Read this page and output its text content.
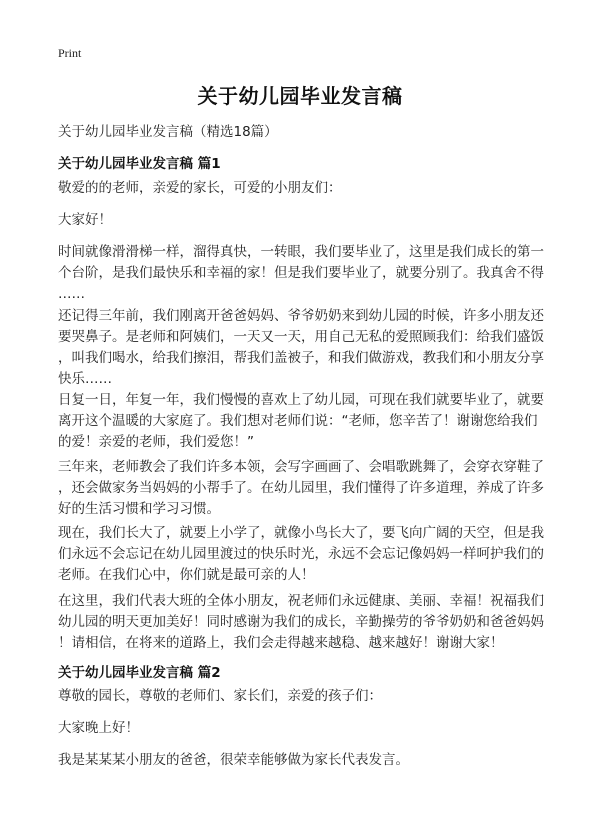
Print
关于幼儿园毕业发言稿
关于幼儿园毕业发言稿（精选18篇）
关于幼儿园毕业发言稿 篇1
敬爱的的老师，亲爱的家长，可爱的小朋友们：
大家好！
时间就像滑滑梯一样，溜得真快，一转眼，我们要毕业了，这里是我们成长的第一
个台阶，是我们最快乐和幸福的家！但是我们要毕业了，就要分别了。我真舍不得
……
还记得三年前，我们刚离开爸爸妈妈、爷爷奶奶来到幼儿园的时候，许多小朋友还
要哭鼻子。是老师和阿姨们，一天又一天，用自己无私的爱照顾我们：给我们盛饭
，叫我们喝水，给我们擦泪，帮我们盖被子，和我们做游戏，教我们和小朋友分享
快乐……
日复一日，年复一年，我们慢慢的喜欢上了幼儿园，可现在我们就要毕业了，就要
离开这个温暖的大家庭了。我们想对老师们说：“老师，您辛苦了！谢谢您给我们
的爱！亲爱的老师，我们爱您！”
三年来，老师教会了我们许多本领，会写字画画了、会唱歌跳舞了，会穿衣穿鞋了
，还会做家务当妈妈的小帮手了。在幼儿园里，我们懂得了许多道理，养成了许多
好的生活习惯和学习习惯。
现在，我们长大了，就要上小学了，就像小鸟长大了，要飞向广阔的天空，但是我
们永远不会忘记在幼儿园里渡过的快乐时光，永远不会忘记像妈妈一样呵护我们的
老师。在我们心中，你们就是最可亲的人！
在这里，我们代表大班的全体小朋友，祝老师们永远健康、美丽、幸福！祝福我们
幼儿园的明天更加美好！同时感谢为我们的成长，辛勤操劳的爷爷奶奶和爸爸妈妈
！请相信，在将来的道路上，我们会走得越来越稳、越来越好！谢谢大家！
关于幼儿园毕业发言稿 篇2
尊敬的园长，尊敬的老师们、家长们，亲爱的孩子们：
大家晚上好！
我是某某某小朋友的爸爸，很荣幸能够做为家长代表发言。
